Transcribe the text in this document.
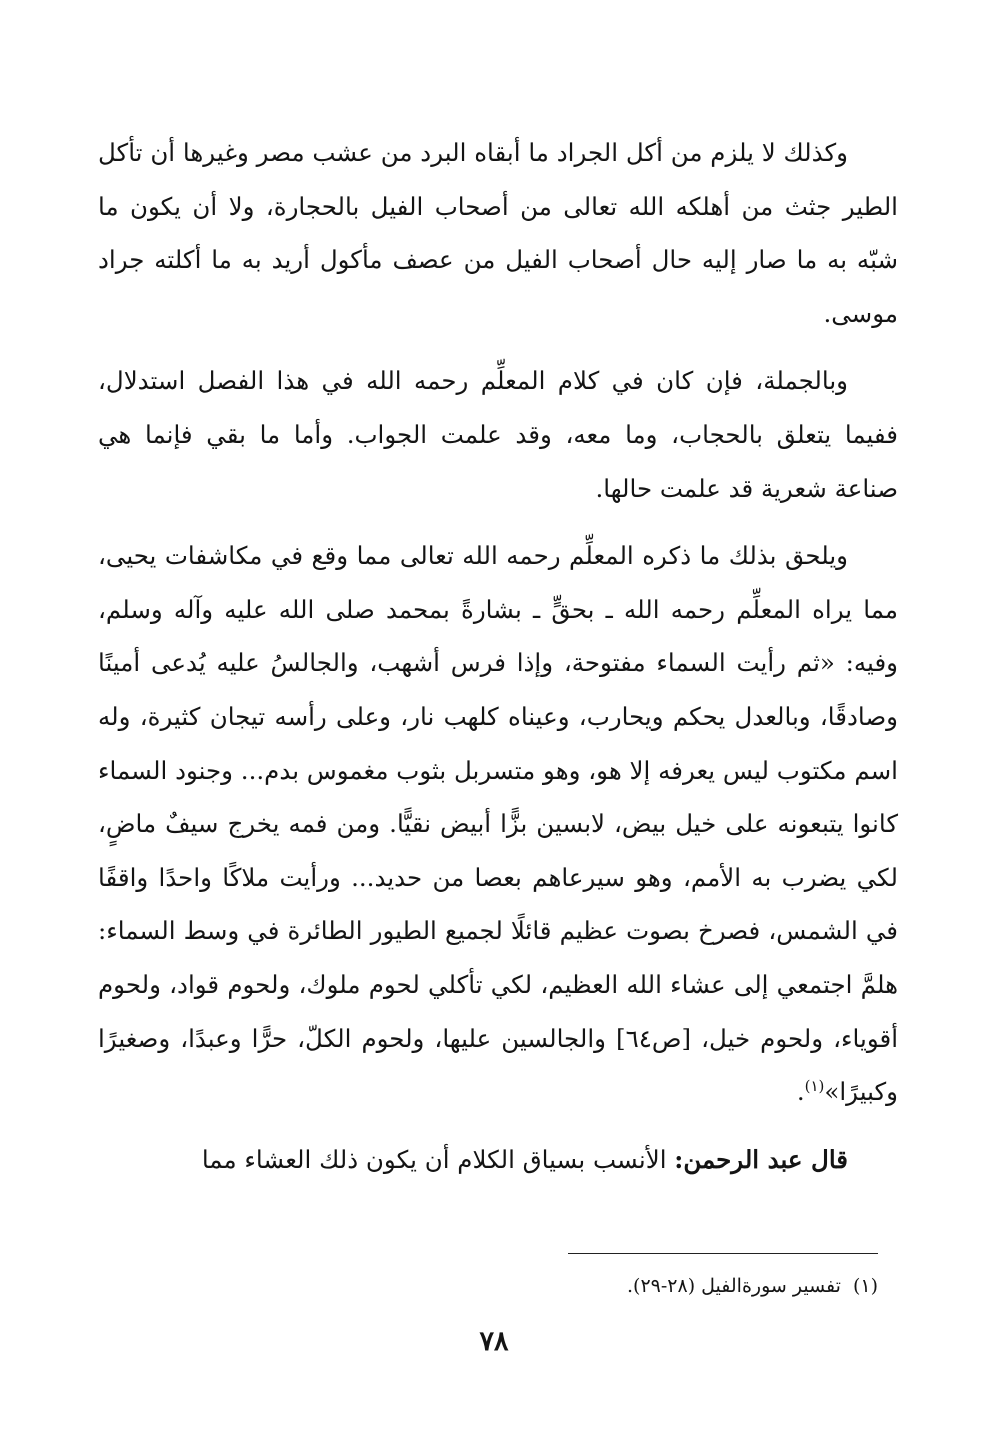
وكذلك لا يلزم من أكل الجراد ما أبقاه البرد من عشب مصر وغيرها أن تأكل الطير جثث من أهلكه الله تعالى من أصحاب الفيل بالحجارة، ولا أن يكون ما شبّه به ما صار إليه حال أصحاب الفيل من عصف مأكول أريد به ما أكلته جراد موسى.

وبالجملة، فإن كان في كلام المعلِّم رحمه الله في هذا الفصل استدلال، ففيما يتعلق بالحجاب، وما معه، وقد علمت الجواب. وأما ما بقي فإنما هي صناعة شعرية قد علمت حالها.

ويلحق بذلك ما ذكره المعلِّم رحمه الله تعالى مما وقع في مكاشفات يحيى، مما يراه المعلِّم رحمه الله ـ بحقٍّ ـ بشارةً بمحمد صلى الله عليه وآله وسلم، وفيه: «ثم رأيت السماء مفتوحة، وإذا فرس أشهب، والجالسُ عليه يُدعى أمينًا وصادقًا، وبالعدل يحكم ويحارب، وعيناه كلهب نار، وعلى رأسه تيجان كثيرة، وله اسم مكتوب ليس يعرفه إلا هو، وهو متسربل بثوب مغموس بدم... وجنود السماء كانوا يتبعونه على خيل بيض، لابسين بزًّا أبيض نقيًّا. ومن فمه يخرج سيفٌ ماضٍ، لكي يضرب به الأمم، وهو سيرعاهم بعصا من حديد... ورأيت ملاكًا واحدًا واقفًا في الشمس، فصرخ بصوت عظيم قائلًا لجميع الطيور الطائرة في وسط السماء: هلمَّ اجتمعي إلى عشاء الله العظيم، لكي تأكلي لحوم ملوك، ولحوم قواد، ولحوم أقوياء، ولحوم خيل، [ص٦٤] والجالسين عليها، ولحوم الكلّ، حرًّا وعبدًا، وصغيرًا وكبيرًا»$^{(١)}$.

قال عبد الرحمن: الأنسب بسياق الكلام أن يكون ذلك العشاء مما

(١)تفسير سورةالفيل (٢٨-٢٩).
٧٨
